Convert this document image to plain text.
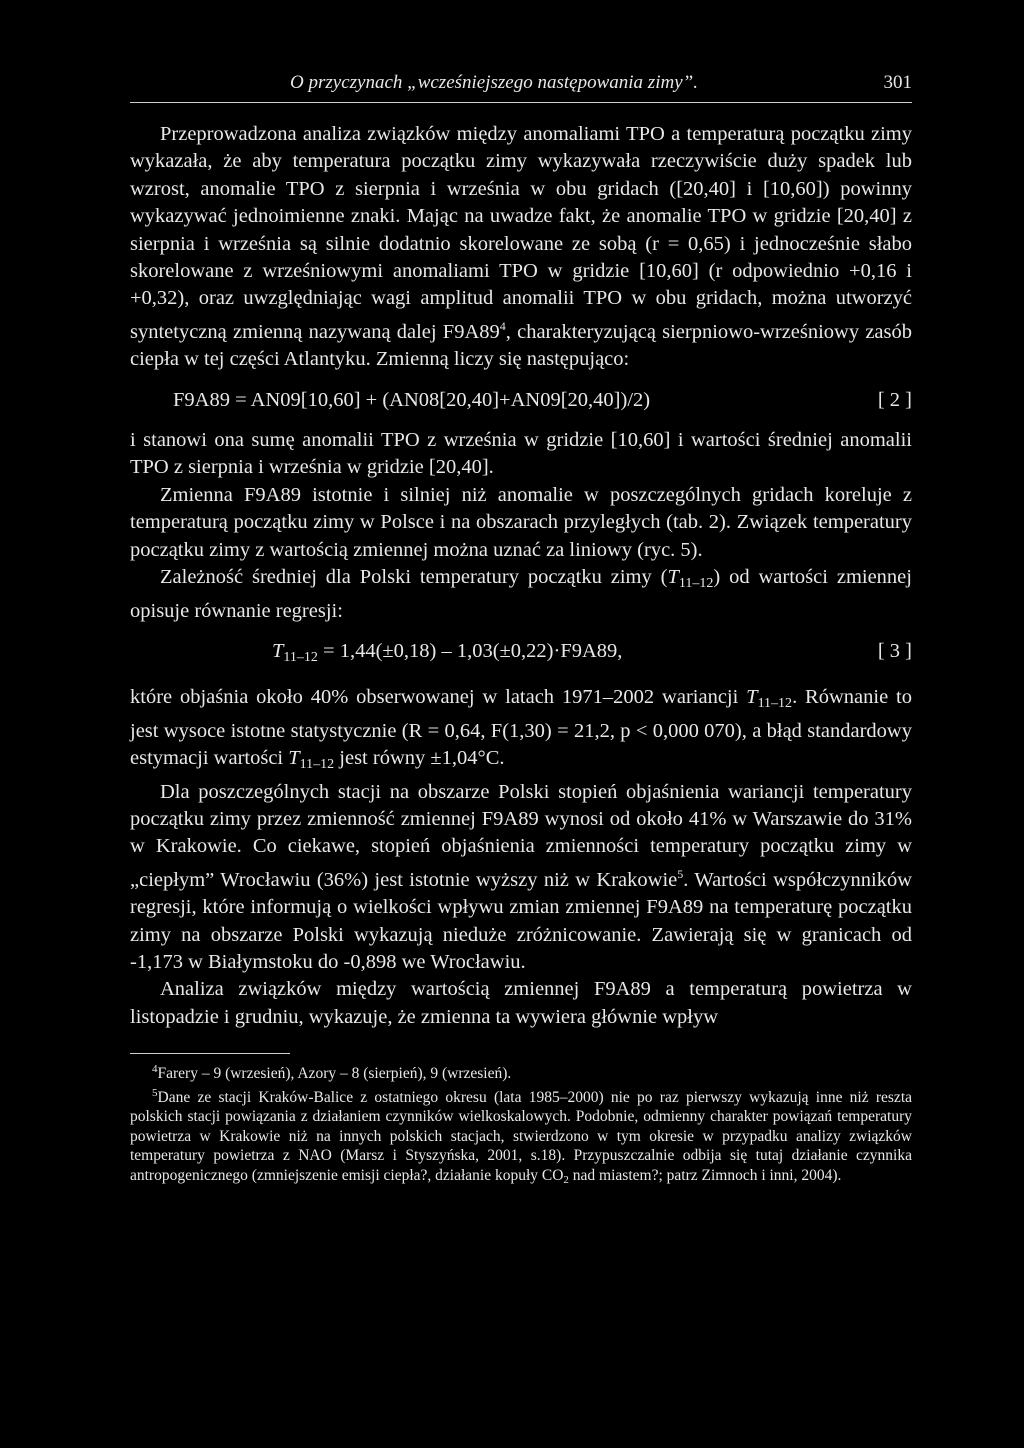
O przyczynach „wcześniejszego następowania zimy”.	301

Przeprowadzona analiza związków między anomaliami TPO a temperaturą początku zimy wykazała, że aby temperatura początku zimy wykazywała rzeczywiście duży spadek lub wzrost, anomalie TPO z sierpnia i września w obu gridach ([20,40] i [10,60]) powinny wykazywać jednoimienne znaki. Mając na uwadze fakt, że anomalie TPO w gridzie [20,40] z sierpnia i września są silnie dodatnio skorelowane ze sobą (r = 0,65) i jednocześnie słabo skorelowane z wrześniowymi anomaliami TPO w gridzie [10,60] (r odpowiednio +0,16 i +0,32), oraz uwzględniając wagi amplitud anomalii TPO w obu gridach, można utworzyć syntetyczną zmienną nazywaną dalej $F9A89^4$, charakteryzującą sierpniowo-wrześniowy zasób ciepła w tej części Atlantyku. Zmienną liczy się następująco:

F9A89 = AN09[10,60] + (AN08[20,40]+AN09[20,40])/2)	[ 2 ]

i stanowi ona sumę anomalii TPO z września w gridzie [10,60] i wartości średniej anomalii TPO z sierpnia i września w gridzie [20,40].

Zmienna F9A89 istotnie i silniej niż anomalie w poszczególnych gridach koreluje z temperaturą początku zimy w Polsce i na obszarach przyległych (tab. 2). Związek temperatury początku zimy z wartością zmiennej można uznać za liniowy (ryc. 5).

Zależność średniej dla Polski temperatury początku zimy $(T_{11-12})$ od wartości zmiennej opisuje równanie regresji:

$T_{11-12} = 1,44(\pm 0,18) - 1,03(\pm 0,22)\cdot F9A89$,	[ 3 ]

które objaśnia około 40% obserwowanej w latach 1971–2002 wariancji $T_{11-12}$. Równanie to jest wysoce istotne statystycznie (R = 0,64, F(1,30) = 21,2, p < 0,000 070), a błąd standardowy estymacji wartości $T_{11-12}$ jest równy ±1,04°C.

Dla poszczególnych stacji na obszarze Polski stopień objaśnienia wariancji temperatury początku zimy przez zmienność zmiennej F9A89 wynosi od około 41% w Warszawie do 31% w Krakowie. Co ciekawe, stopień objaśnienia zmienności temperatury początku zimy w „ciepłym” Wrocławiu (36%) jest istotnie wyższy niż w Krakowie$^5$. Wartości współczynników regresji, które informują o wielkości wpływu zmian zmiennej F9A89 na temperaturę początku zimy na obszarze Polski wykazują nieduże zróżnicowanie. Zawierają się w granicach od -1,173 w Białymstoku do -0,898 we Wrocławiu.

Analiza związków między wartością zmiennej F9A89 a temperaturą powietrza w listopadzie i grudniu, wykazuje, że zmienna ta wywiera głównie wpływ

$^4$Farery – 9 (wrzesień), Azory – 8 (sierpień), 9 (wrzesień).

$^5$Dane ze stacji Kraków-Balice z ostatniego okresu (lata 1985–2000) nie po raz pierwszy wykazują inne niż reszta polskich stacji powiązania z działaniem czynników wielkoskalowych. Podobnie, odmienny charakter powiązań temperatury powietrza w Krakowie niż na innych polskich stacjach, stwierdzono w tym okresie w przypadku analizy związków temperatury powietrza z NAO (Marsz i Styszyńska, 2001, s.18). Przypuszczalnie odbija się tutaj działanie czynnika antropogenicznego (zmniejszenie emisji ciepła?, działanie kopuły $CO_2$ nad miastem?; patrz Zimnoch i inni, 2004).
